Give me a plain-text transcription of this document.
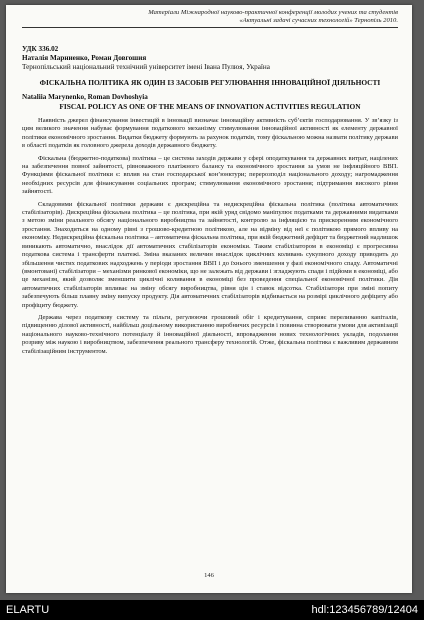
Матеріали Міжнародної науково-практичної конференції молодих учених та студентів
«Актуальні задачі сучасних технологій» Тернопіль 2010.
УДК 336.02
Наталія Марниенко, Роман Довгошия
Тернопільський національний технічний університет імені Івана Пулюя, Україна
ФІСКАЛЬНА ПОЛІТИКА ЯК ОДИН ІЗ ЗАСОБІВ РЕГУЛЮВАННЯ ІННОВАЦІЙНОЇ ДІЯЛЬНОСТІ
Nataliia Marynenko, Roman Dovhoshyia
FISCAL POLICY AS ONE OF THE MEANS OF INNOVATION ACTIVITIES REGULATION

Наявність джерел фінансування інвестицій в інновації визначає інноваційну активність суб’єктів господарювання. У зв’язку із цим великого значення набуває формування податкового механізму стимулювання інноваційної активності як елементу державної політики економічного зростання. Видатки бюджету формують за рахунок податків, тому фіскальною можна назвати політику держави в області податків як головного джерела доходів державного бюджету.

Фіскальна (бюджетно-податкова) політика – це система заходів держави у сфері оподаткування та державних витрат, націлених на забезпечення повної зайнятості, рівноважного платіжного балансу та економічного зростання за умов не інфляційного ВВП. Функціями фіскальної політики є: вплив на стан господарської кон’юнктури; перерозподіл національного доходу; нагромадження необхідних ресурсів для фінансування соціальних програм; стимулювання економічного зростання; підтримання високого рівня зайнятості.

Складовими фіскальної політики держави є дискреційна та недискреційна фіскальна політика (політика автоматичних стабілізаторів). Дискреційна фіскальна політика – це політика, при якій уряд свідомо маніпулює податками та державними видатками з метою зміни реального обсягу національного виробництва та зайнятості, контролю за інфляцією та прискоренням економічного зростання. Знаходиться на одному рівні з грошово-кредитною політикою, але на відміну від неї є політикою прямого впливу на економіку. Недискреційна фіскальна політика – автоматична фіскальна політика, при якій бюджетний дефіцит та бюджетний надлишок виникають автоматично, внаслідок дії автоматичних стабілізаторів економіки. Таким стабілізатором в економіці є прогресивна податкова система і трансферти платежі. Зміна вказаних величин внаслідок циклічних коливань сукупного доходу приводить до збільшення чистих податкових надходжень у періоди зростання ВВП і до їхнього зменшення у фазі економічного спаду. Автоматичні (вмонтовані) стабілізатори – механізми ринкової економіки, що не залежать від держави і згладжують спади і підйоми в економіці, або це механізм, який дозволяє зменшити циклічні коливання в економіці без проведення спеціальної економічної політики. Дія автоматичних стабілізаторів впливає на зміну обсягу виробництва, рівня цін і ставок відсотка. Стабілізатори при зміні попиту забезпечують більш плавну зміну випуску продукту. Дія автоматичних стабілізаторів відбивається на розмірі циклічного дефіциту або профіциту бюджету.

Держава через податкову систему та пільги, регулюючи грошовий обіг і кредитування, сприяє переливанню капіталів, підвищенню ділової активності, найбільш доцільному використанню виробничих ресурсів і повинна створювати умови для активізації національного науково-технічного потенціалу й інноваційної діяльності, впровадження нових технологічних укладів, подолання розриву між наукою і виробництвом, забезпечення реального трансферу технологій. Отже, фіскальна політика є важливим державним стабілізаційним інструментом.

146
ELARTU	hdl:123456789/12404
